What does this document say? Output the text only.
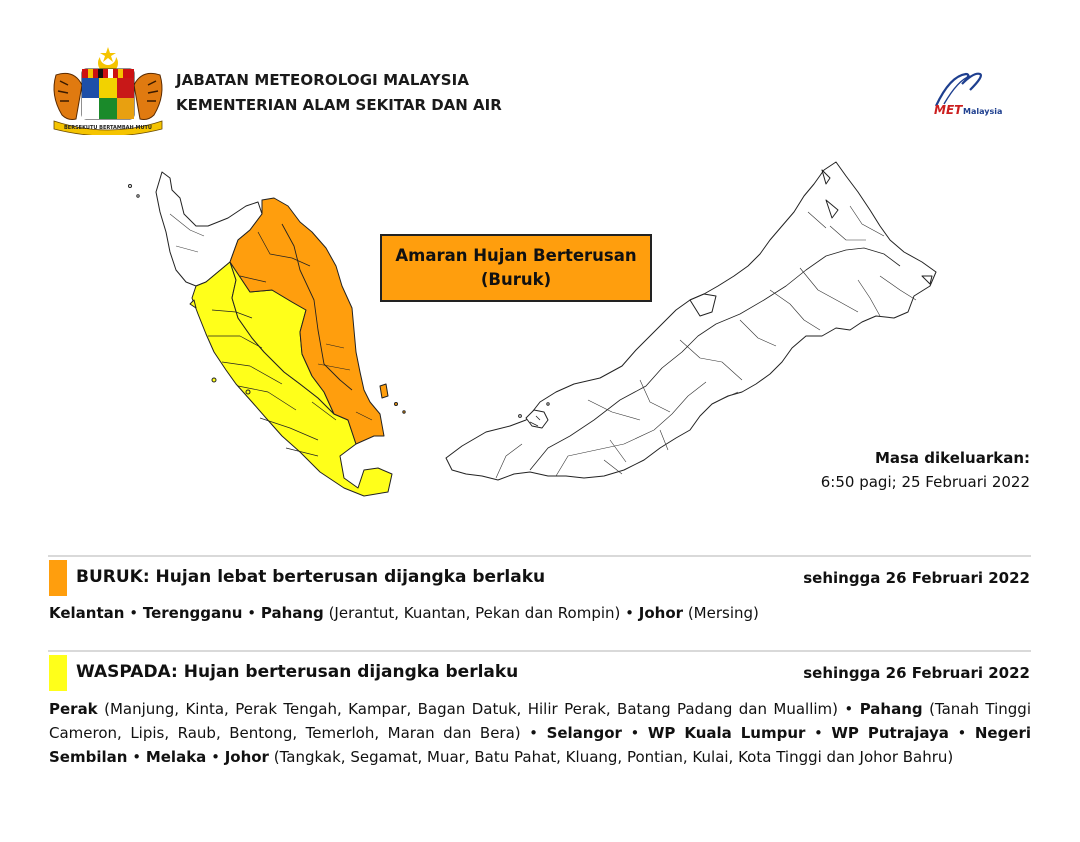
BERSEKUTU BERTAMBAH MUTU
JABATAN METEOROLOGI MALAYSIA
KEMENTERIAN ALAM SEKITAR DAN AIR	MET Malaysia
Amaran Hujan Berterusan
(Buruk)
Masa dikeluarkan:
6:50 pagi; 25 Februari 2022
BURUK: Hujan lebat berterusan dijangka berlaku	sehingga 26 Februari 2022
Kelantan • Terengganu • Pahang (Jerantut, Kuantan, Pekan dan Rompin) • Johor (Mersing)
WASPADA: Hujan berterusan dijangka berlaku	sehingga 26 Februari 2022
Perak (Manjung, Kinta, Perak Tengah, Kampar, Bagan Datuk, Hilir Perak, Batang Padang dan Muallim) • Pahang (Tanah Tinggi Cameron, Lipis, Raub, Bentong, Temerloh, Maran dan Bera) • Selangor • WP Kuala Lumpur • WP Putrajaya • Negeri Sembilan • Melaka • Johor (Tangkak, Segamat, Muar, Batu Pahat, Kluang, Pontian, Kulai, Kota Tinggi dan Johor Bahru)
